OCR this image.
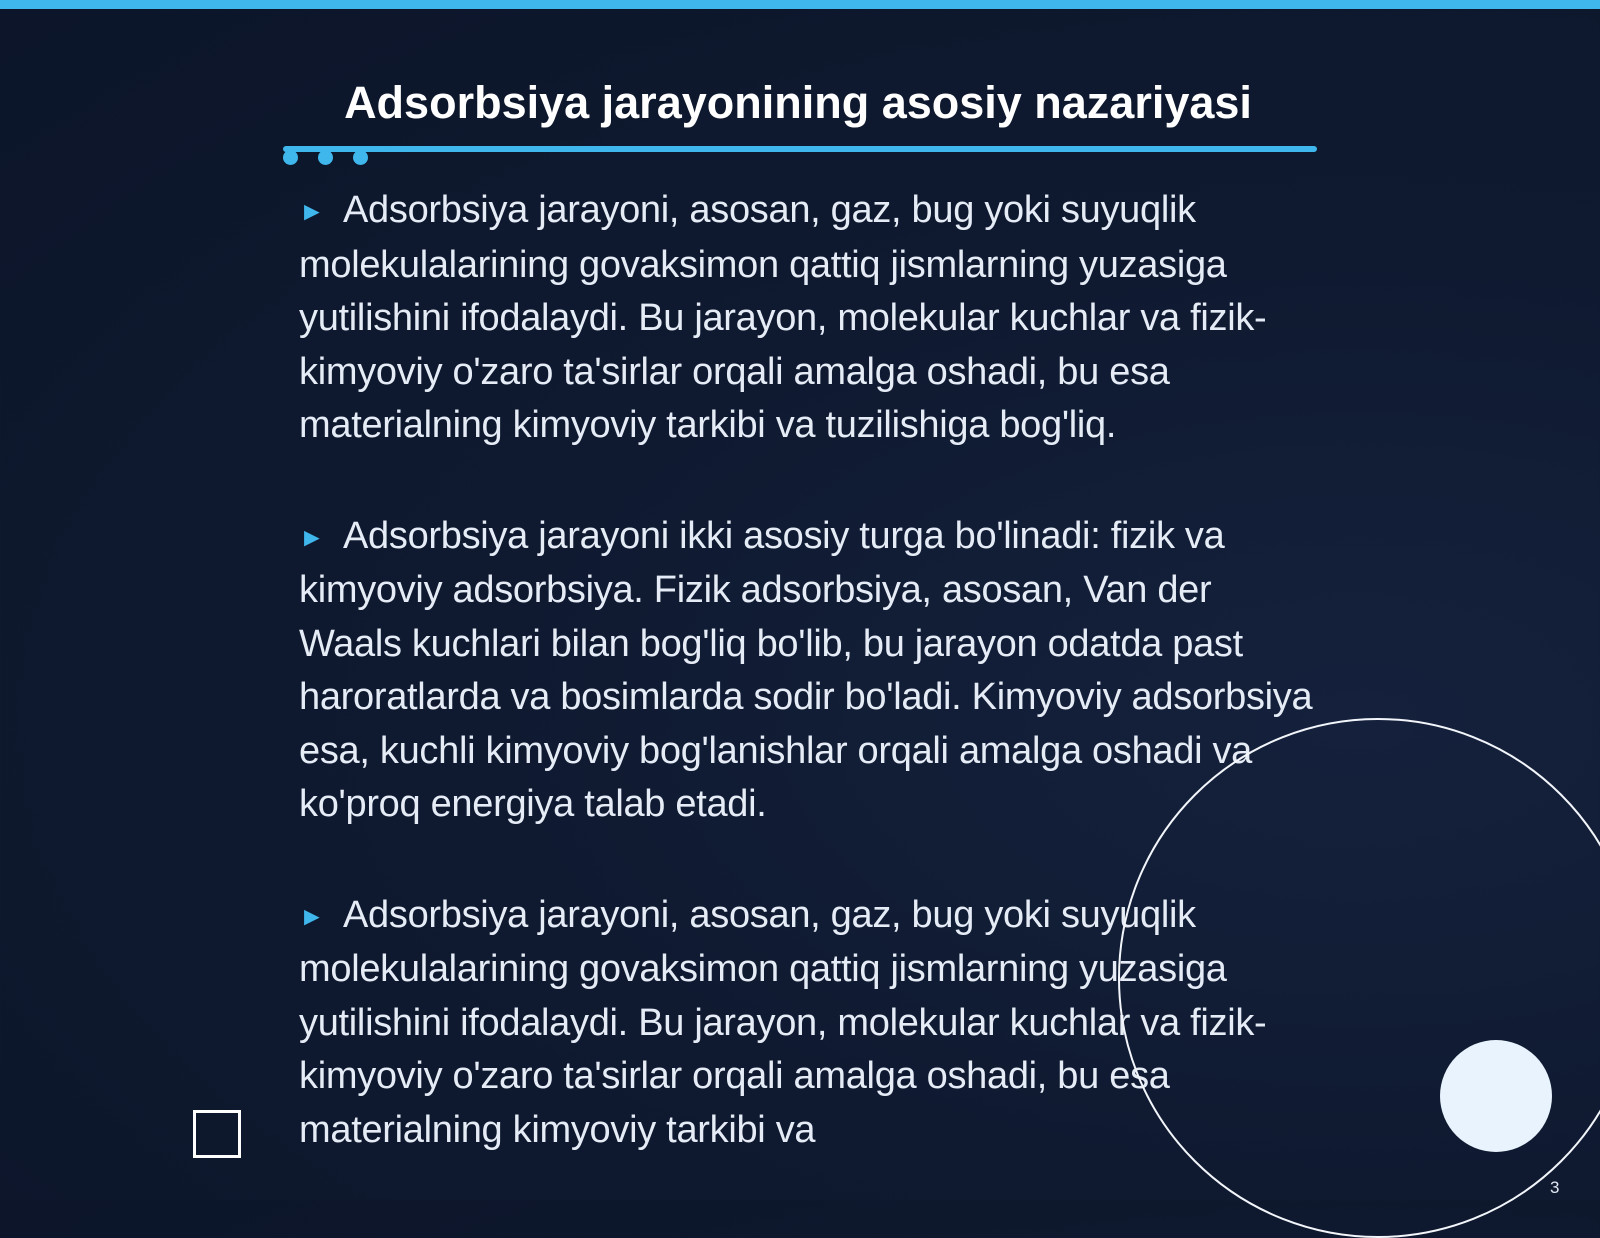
Adsorbsiya jarayonining asosiy nazariyasi

► Adsorbsiya jarayoni, asosan, gaz, bug yoki suyuqlik molekulalarining govaksimon qattiq jismlarning yuzasiga yutilishini ifodalaydi. Bu jarayon, molekular kuchlar va fizik-kimyoviy o'zaro ta'sirlar orqali amalga oshadi, bu esa materialning kimyoviy tarkibi va tuzilishiga bog'liq.

► Adsorbsiya jarayoni ikki asosiy turga bo'linadi: fizik va kimyoviy adsorbsiya. Fizik adsorbsiya, asosan, Van der Waals kuchlari bilan bog'liq bo'lib, bu jarayon odatda past haroratlarda va bosimlarda sodir bo'ladi. Kimyoviy adsorbsiya esa, kuchli kimyoviy bog'lanishlar orqali amalga oshadi va ko'proq energiya talab etadi.

► Adsorbsiya jarayoni, asosan, gaz, bug yoki suyuqlik molekulalarining govaksimon qattiq jismlarning yuzasiga yutilishini ifodalaydi. Bu jarayon, molekular kuchlar va fizik-kimyoviy o'zaro ta'sirlar orqali amalga oshadi, bu esa materialning kimyoviy tarkibi va

3
